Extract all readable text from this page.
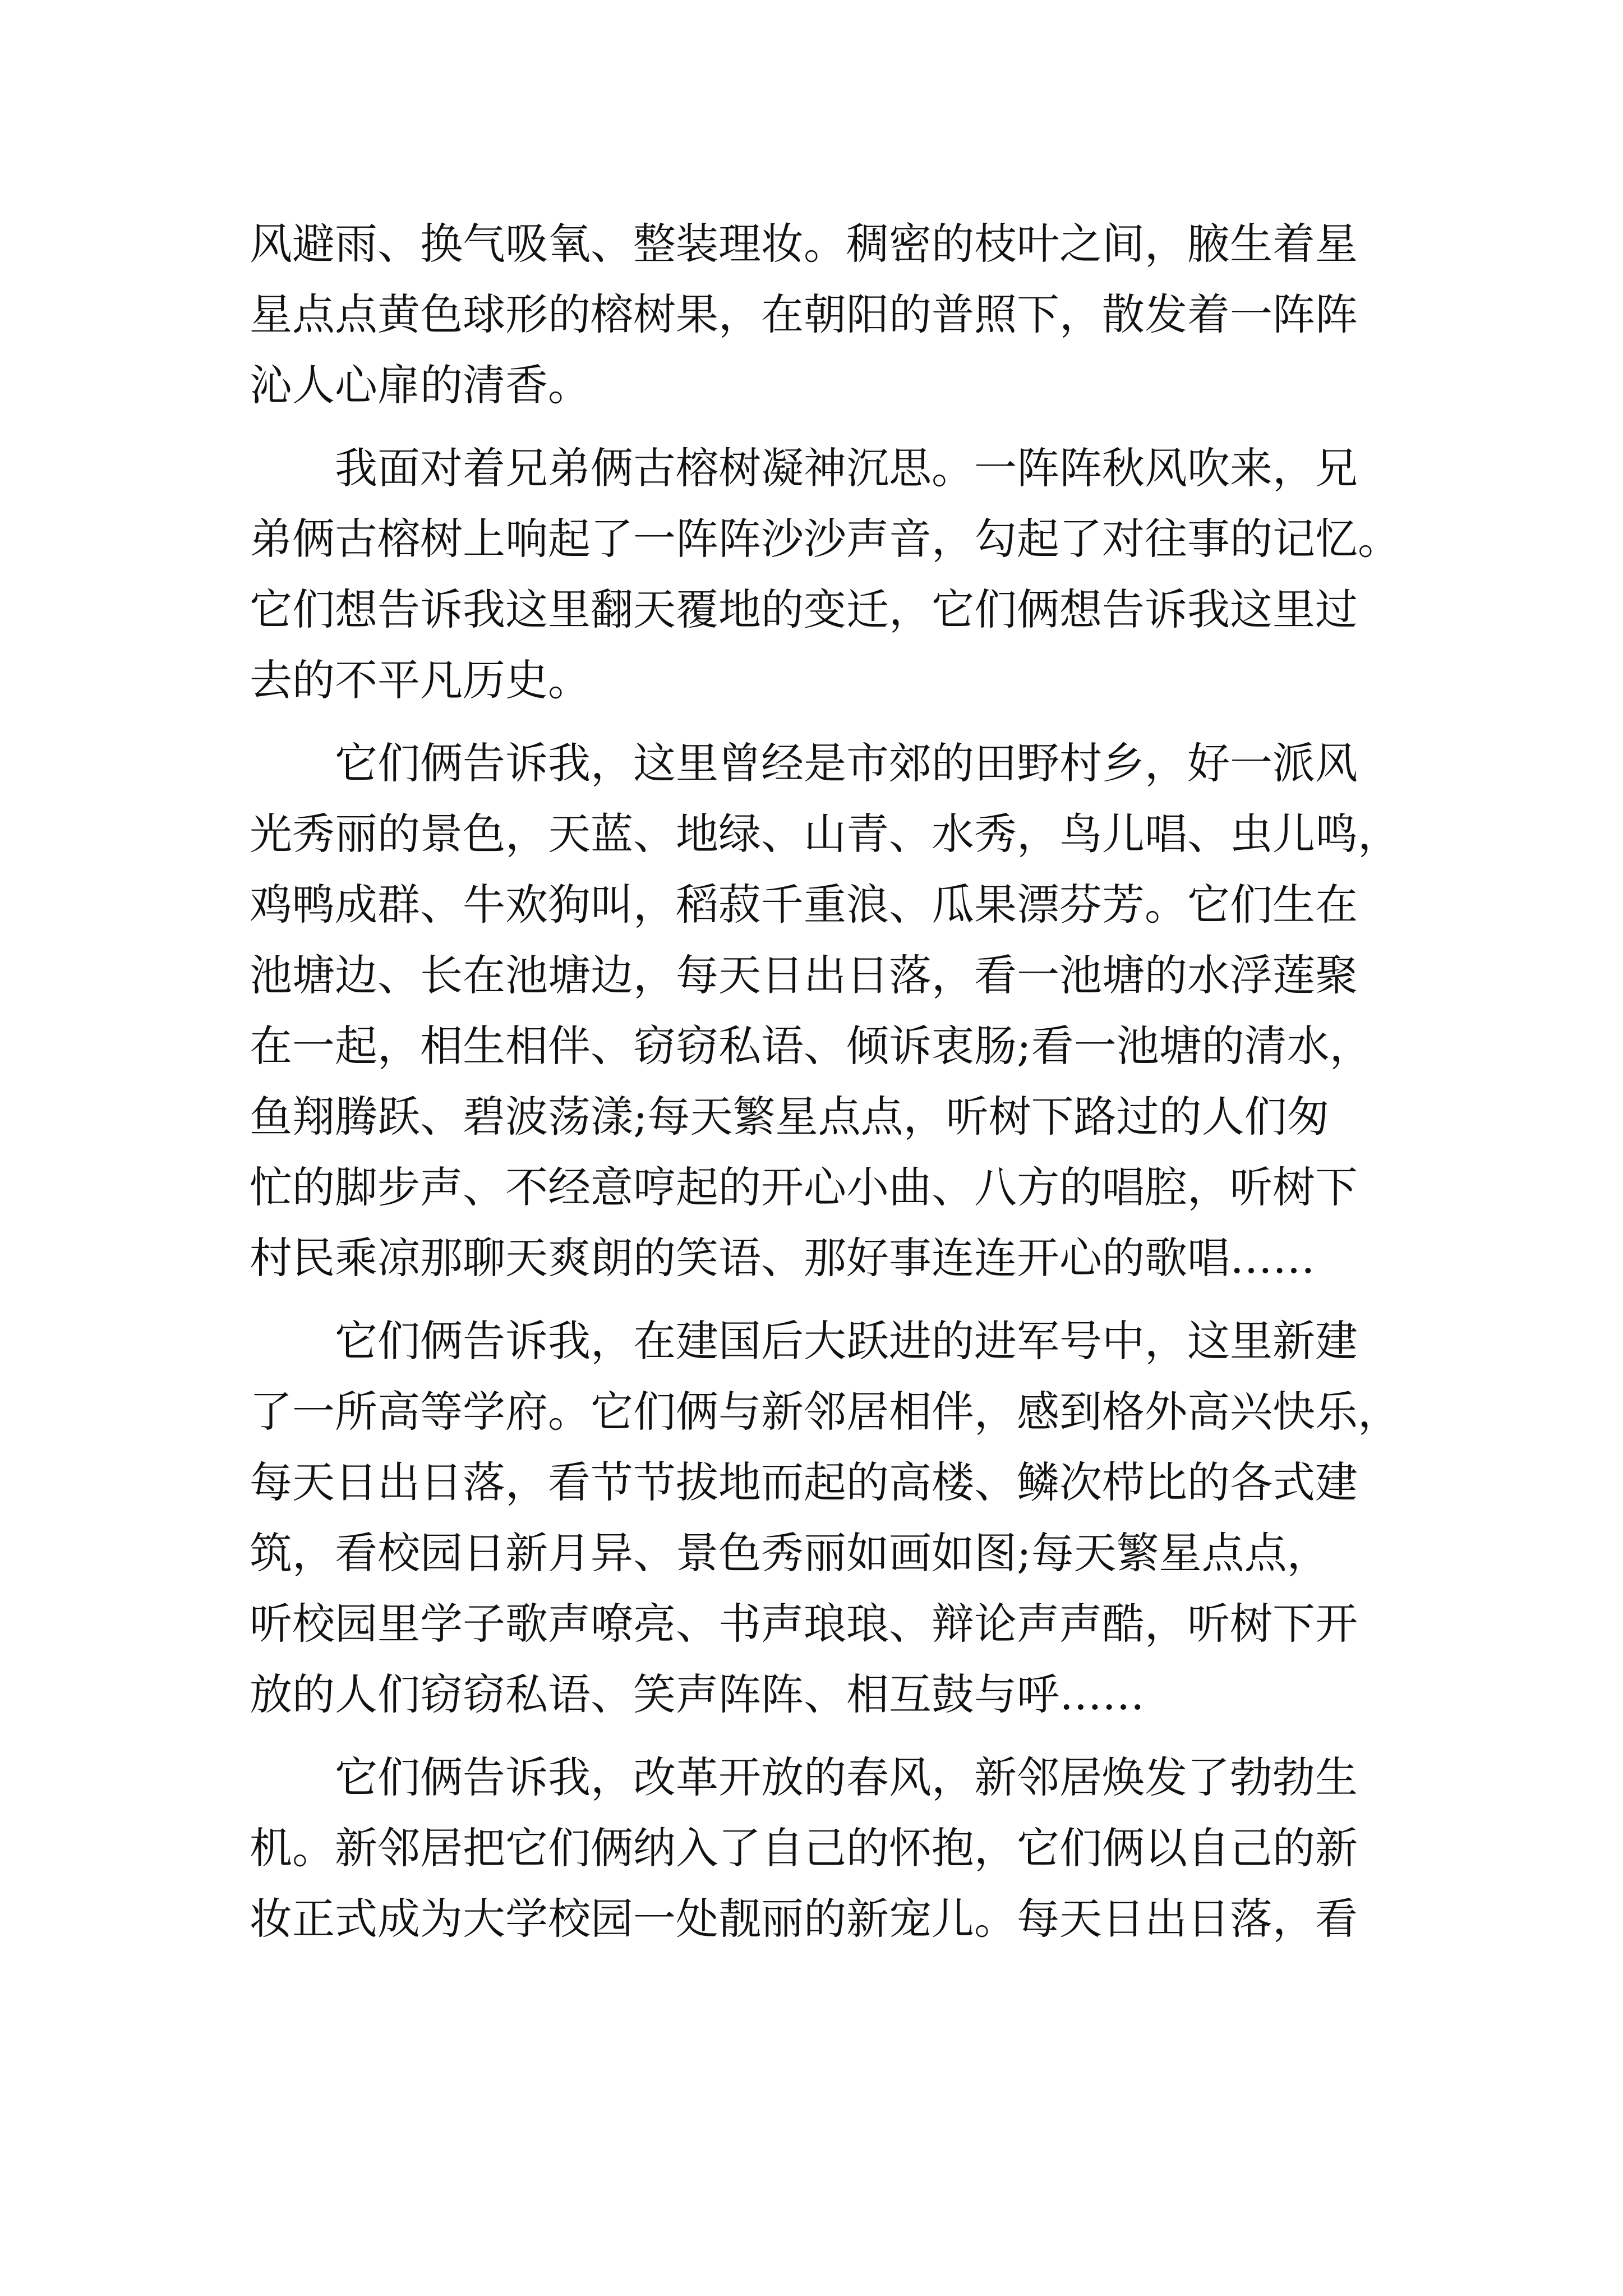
风避雨、换气吸氧、整装理妆。稠密的枝叶之间，腋生着星
星点点黄色球形的榕树果，在朝阳的普照下，散发着一阵阵
沁人心扉的清香。
　　我面对着兄弟俩古榕树凝神沉思。一阵阵秋风吹来，兄
弟俩古榕树上响起了一阵阵沙沙声音，勾起了对往事的记忆。
它们想告诉我这里翻天覆地的变迁，它们俩想告诉我这里过
去的不平凡历史。
　　它们俩告诉我，这里曾经是市郊的田野村乡，好一派风
光秀丽的景色，天蓝、地绿、山青、水秀，鸟儿唱、虫儿鸣，
鸡鸭成群、牛欢狗叫，稻菽千重浪、瓜果漂芬芳。它们生在
池塘边、长在池塘边，每天日出日落，看一池塘的水浮莲聚
在一起，相生相伴、窃窃私语、倾诉衷肠;看一池塘的清水，
鱼翔腾跃、碧波荡漾;每天繁星点点，听树下路过的人们匆
忙的脚步声、不经意哼起的开心小曲、八方的唱腔，听树下
村民乘凉那聊天爽朗的笑语、那好事连连开心的歌唱……
　　它们俩告诉我，在建国后大跃进的进军号中，这里新建
了一所高等学府。它们俩与新邻居相伴，感到格外高兴快乐，
每天日出日落，看节节拔地而起的高楼、鳞次栉比的各式建
筑，看校园日新月异、景色秀丽如画如图;每天繁星点点，
听校园里学子歌声嘹亮、书声琅琅、辩论声声酷，听树下开
放的人们窃窃私语、笑声阵阵、相互鼓与呼……
　　它们俩告诉我，改革开放的春风，新邻居焕发了勃勃生
机。新邻居把它们俩纳入了自己的怀抱，它们俩以自己的新
妆正式成为大学校园一处靓丽的新宠儿。每天日出日落，看
